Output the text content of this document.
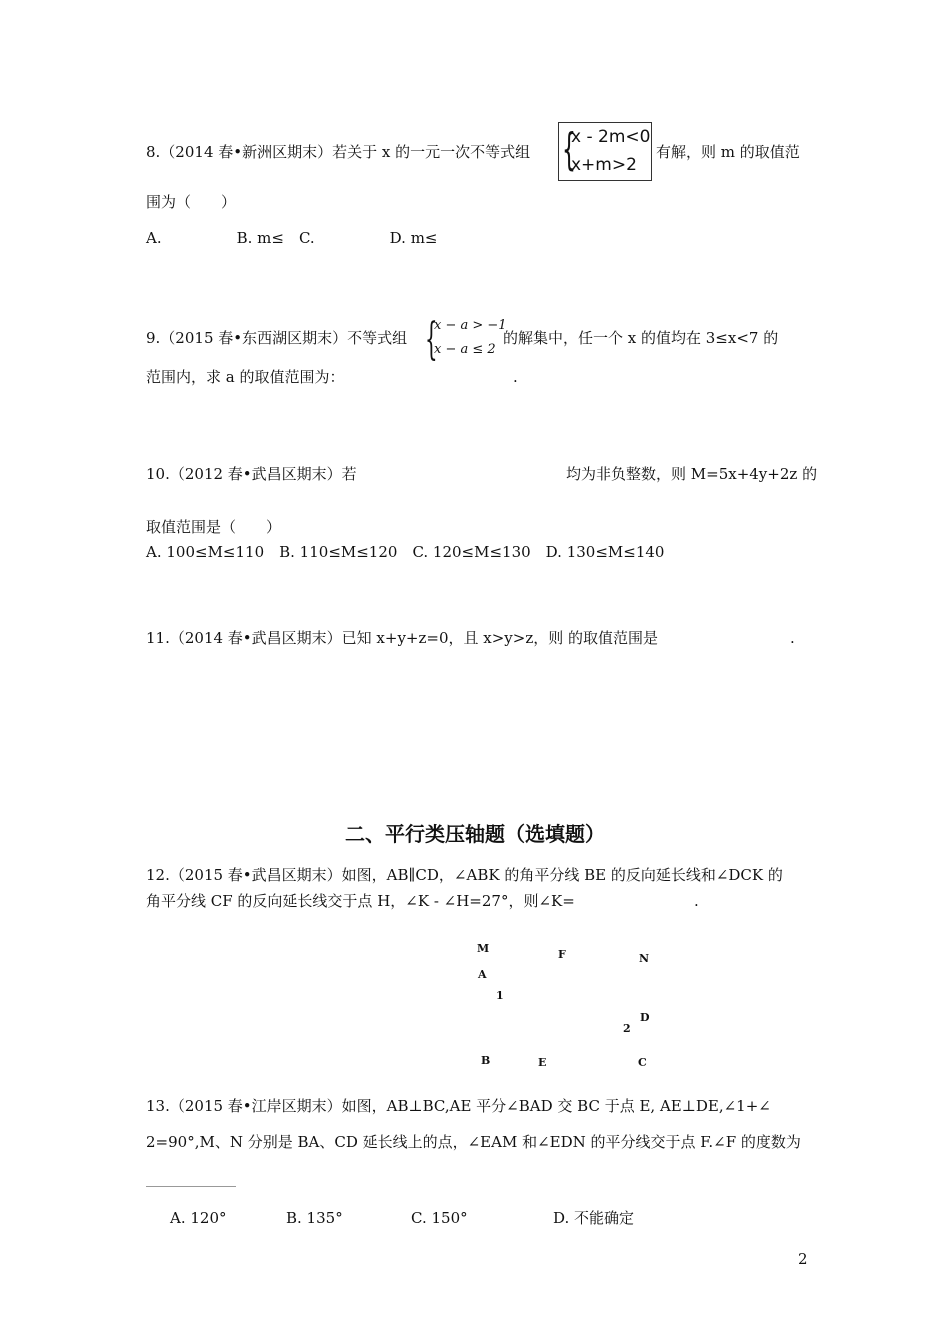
8.（2014 春•新洲区期末）若关于 x 的一元一次不等式组 {
x - 2m<0
x+m>2
有解，则 m 的取值范
围为（　　）
A.　　　　　B. m≤　C.　　　　　D. m≤
9.（2015 春•东西湖区期末）不等式组 {
x − a > −1
x − a ≤ 2
的解集中，任一个 x 的值均在 3≤x<7 的
范围内，求 a 的取值范围为：	.
10.（2012 春•武昌区期末）若	均为非负整数，则 M=5x+4y+2z 的
取值范围是（　　）
A. 100≤M≤110　B. 110≤M≤120　C. 120≤M≤130　D. 130≤M≤140
11.（2014 春•武昌区期末）已知 x+y+z=0，且 x>y>z，则 的取值范围是	.
二、平行类压轴题（选填题）
12.（2015 春•武昌区期末）如图，AB∥CD，∠ABK 的角平分线 BE 的反向延长线和∠DCK 的
角平分线 CF 的反向延长线交于点 H，∠K - ∠H=27°，则∠K=	.
M	F	N
A
1
D
2
B	E	C
13.（2015 春•江岸区期末）如图，AB⊥BC,AE 平分∠BAD 交 BC 于点 E, AE⊥DE,∠1+∠
2=90°,M、N 分别是 BA、CD 延长线上的点，∠EAM 和∠EDN 的平分线交于点 F.∠F 的度数为
A. 120°	B. 135°	C. 150°	D. 不能确定
2
